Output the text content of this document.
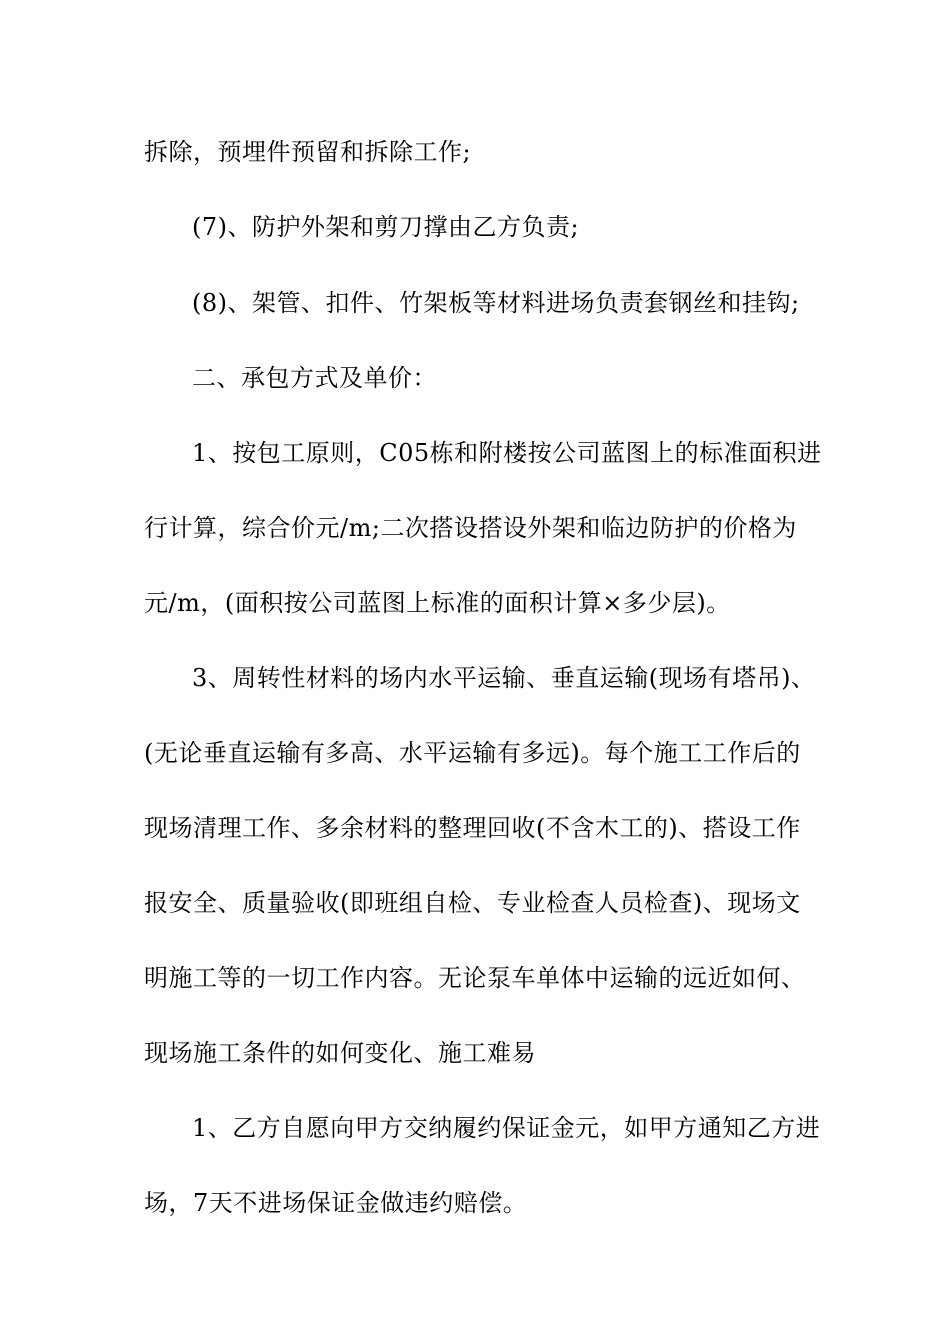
拆除，预埋件预留和拆除工作;
(7)、防护外架和剪刀撑由乙方负责;
(8)、架管、扣件、竹架板等材料进场负责套钢丝和挂钩;
二、承包方式及单价：
1、按包工原则，C05栋和附楼按公司蓝图上的标准面积进
行计算，综合价元/m;二次搭设搭设外架和临边防护的价格为
元/m，(面积按公司蓝图上标准的面积计算×多少层)。
3、周转性材料的场内水平运输、垂直运输(现场有塔吊)、
(无论垂直运输有多高、水平运输有多远)。每个施工工作后的
现场清理工作、多余材料的整理回收(不含木工的)、搭设工作
报安全、质量验收(即班组自检、专业检查人员检查)、现场文
明施工等的一切工作内容。无论泵车单体中运输的远近如何、
现场施工条件的如何变化、施工难易
1、乙方自愿向甲方交纳履约保证金元，如甲方通知乙方进
场，7天不进场保证金做违约赔偿。
